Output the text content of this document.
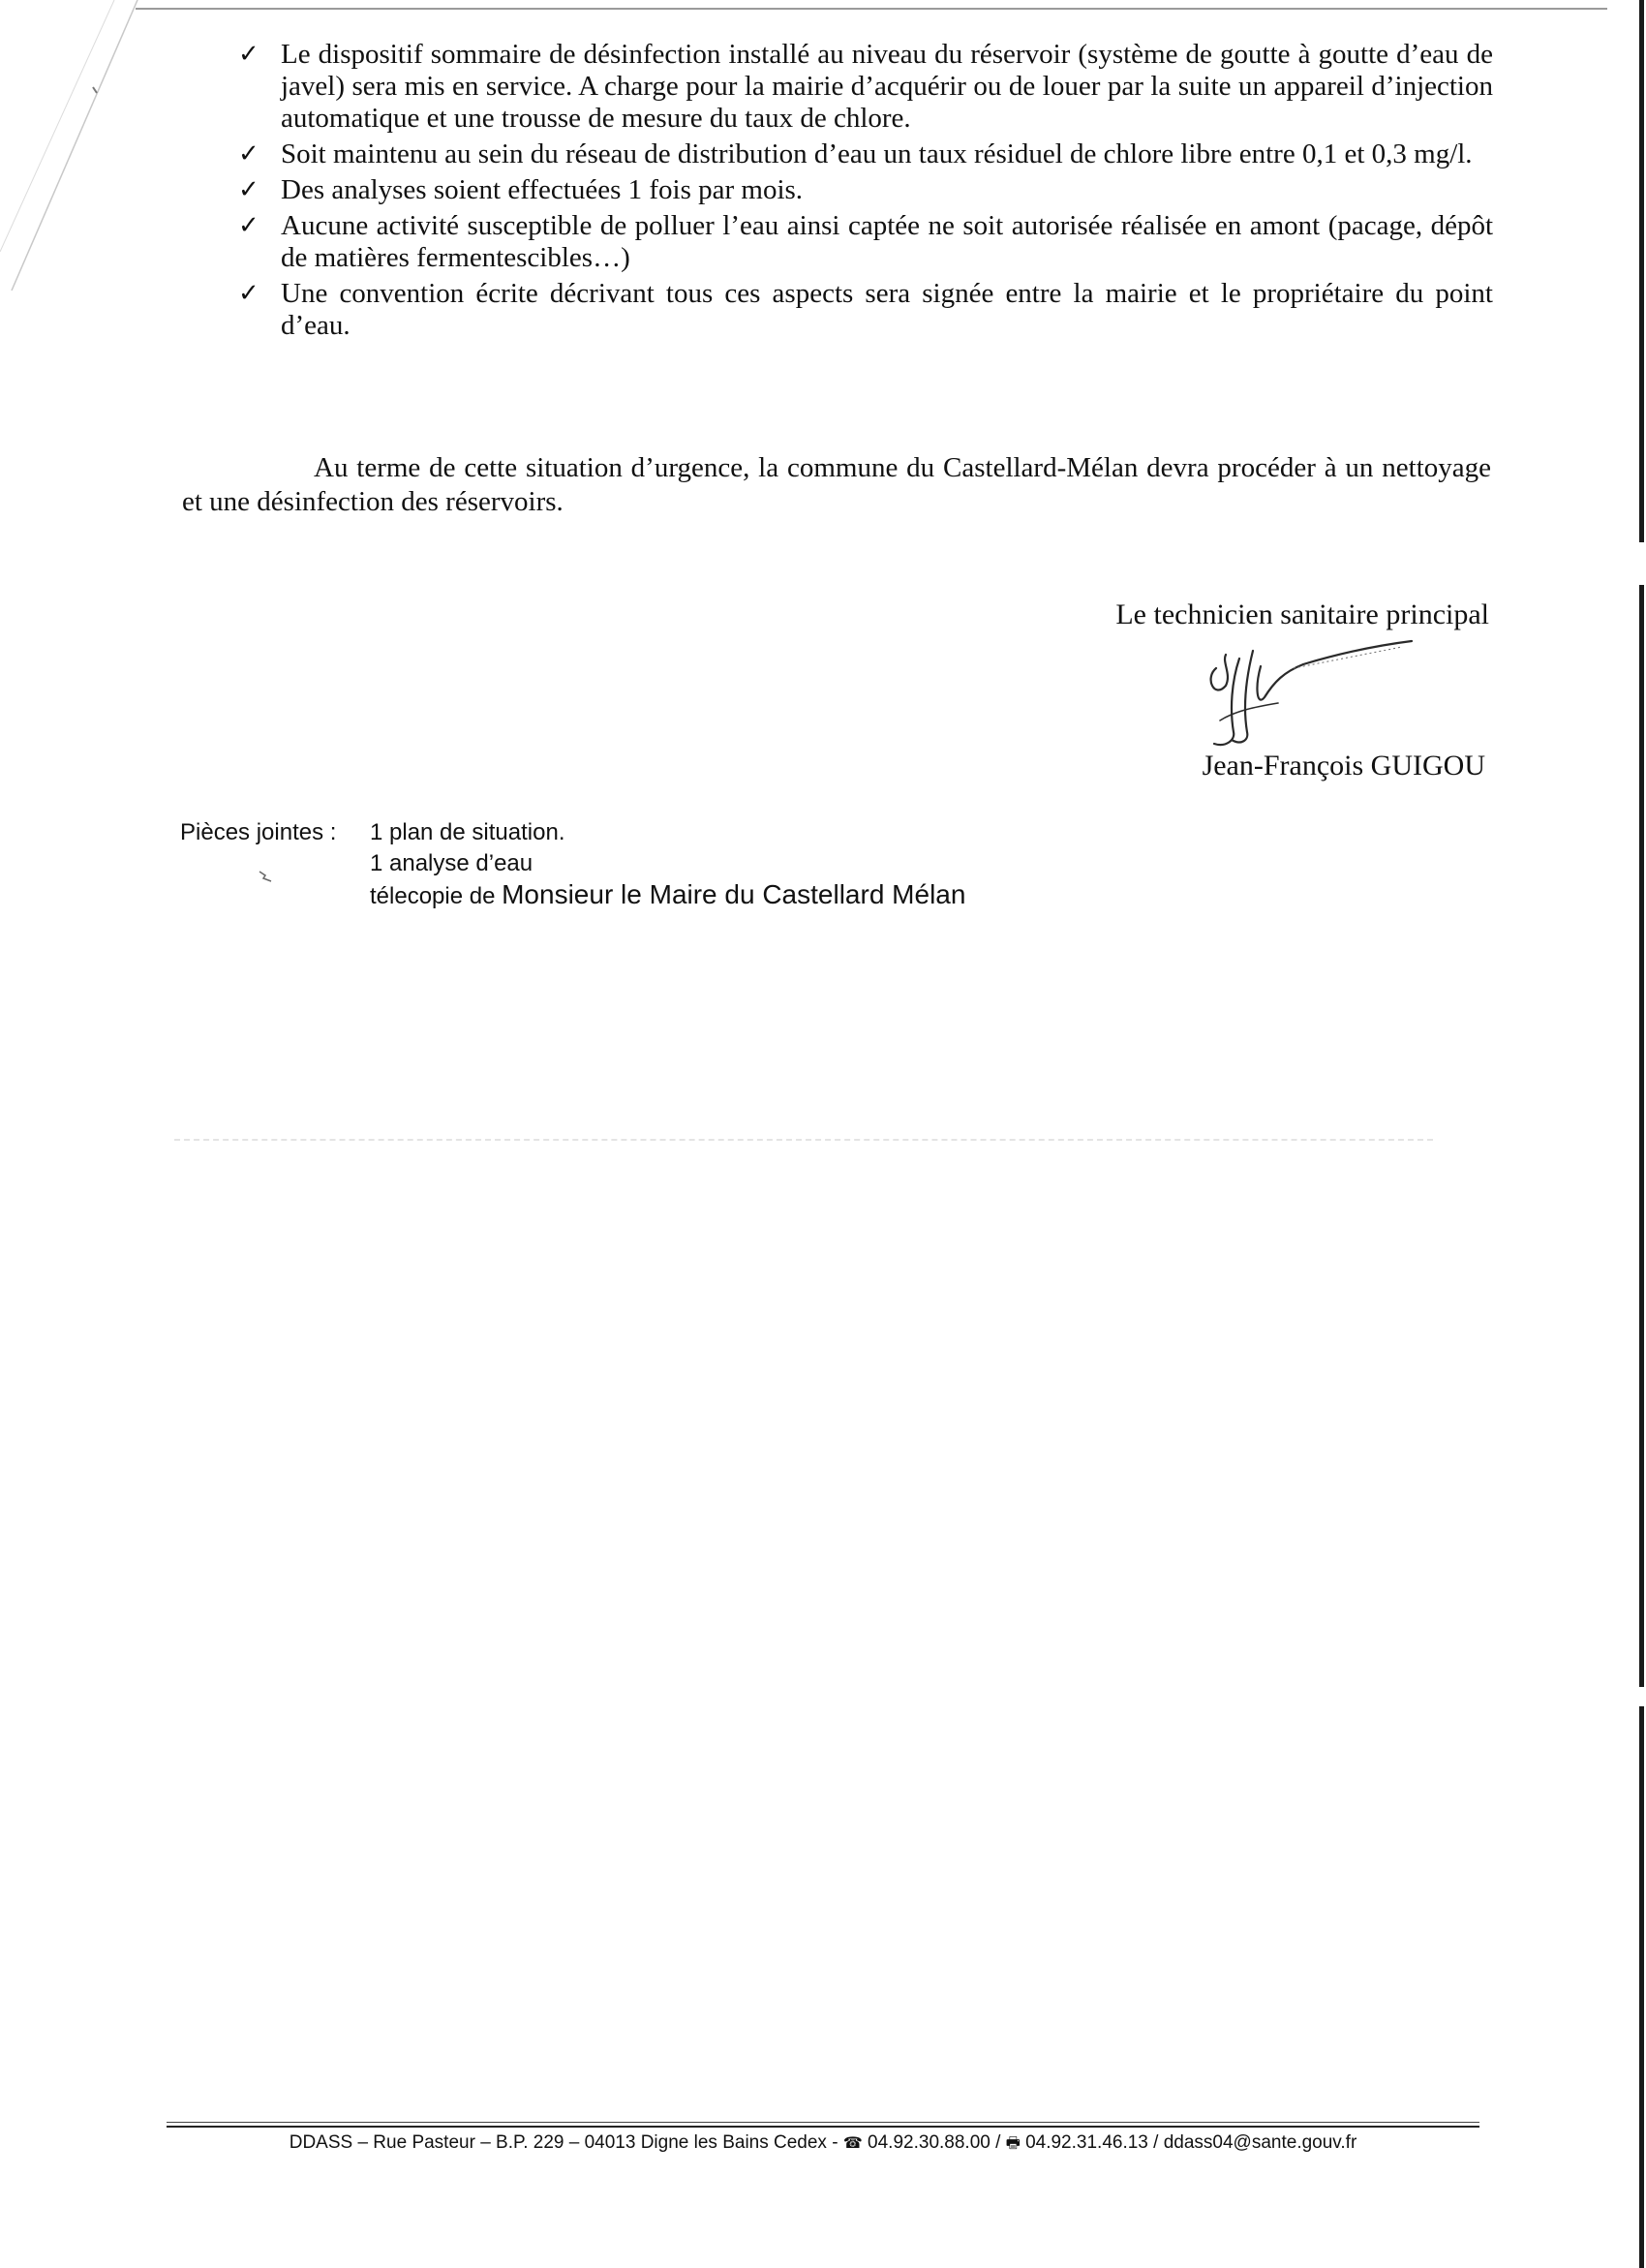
✓ Le dispositif sommaire de désinfection installé au niveau du réservoir (système de goutte à goutte d’eau de javel) sera mis en service. A charge pour la mairie d’acquérir ou de louer par la suite un appareil d’injection automatique et une trousse de mesure du taux de chlore.
✓ Soit maintenu au sein du réseau de distribution d’eau un taux résiduel de chlore libre entre 0,1 et 0,3 mg/l.
✓ Des analyses soient effectuées 1 fois par mois.
✓ Aucune activité susceptible de polluer l’eau ainsi captée ne soit autorisée réalisée en amont (pacage, dépôt de matières fermentescibles…)
✓ Une convention écrite décrivant tous ces aspects sera signée entre la mairie et le propriétaire du point d’eau.

Au terme de cette situation d’urgence, la commune du Castellard-Mélan devra procéder à un nettoyage et une désinfection des réservoirs.

Le technicien sanitaire principal
Jean-François GUIGOU
Pièces jointes : 1 plan de situation.
1 analyse d’eau
télecopie de Monsieur le Maire du Castellard Mélan
DDASS – Rue Pasteur – B.P. 229 – 04013 Digne les Bains Cedex - ☎ 04.92.30.88.00 / 🖶 04.92.31.46.13 / ddass04@sante.gouv.fr
